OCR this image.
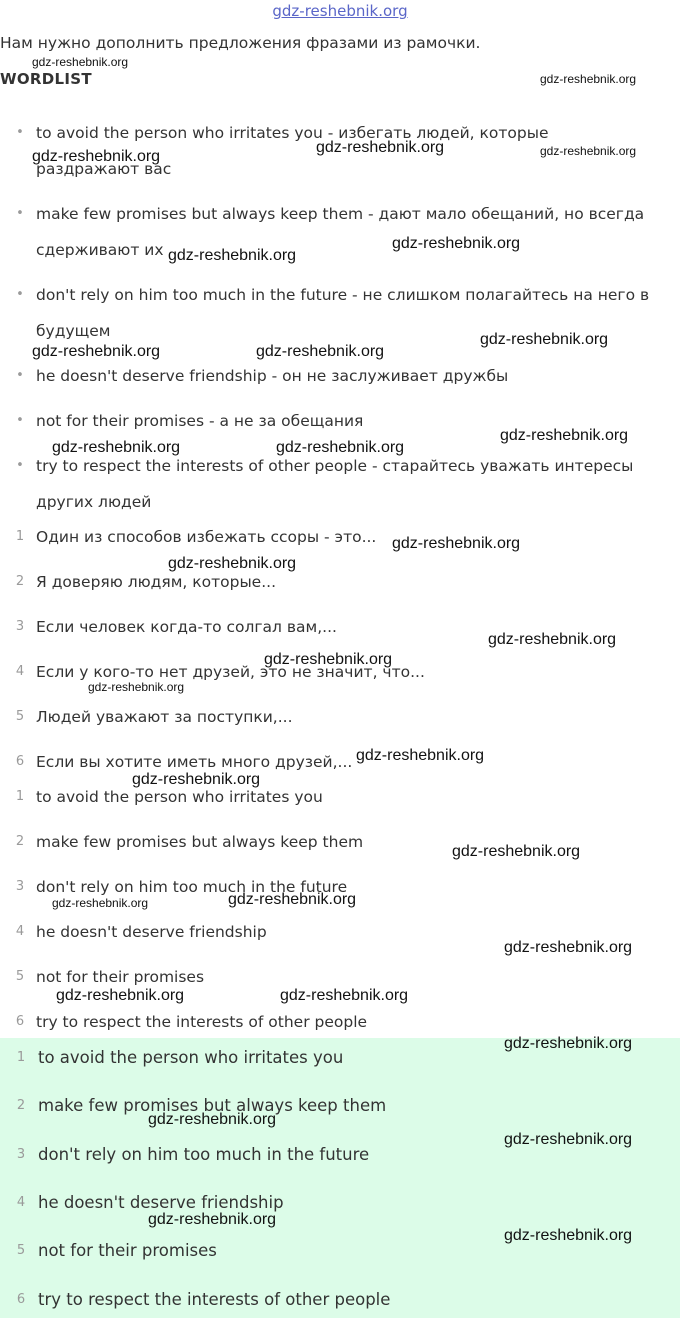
gdz-reshebnik.org
Нам нужно дополнить предложения фразами из рамочки.
WORDLIST
• to avoid the person who irritates you - избегать людей, которые
раздражают вас
• make few promises but always keep them - дают мало обещаний, но всегда
сдерживают их
• don't rely on him too much in the future - не слишком полагайтесь на него в
будущем
• he doesn't deserve friendship - он не заслуживает дружбы
• not for their promises - а не за обещания
• try to respect the interests of other people - старайтесь уважать интересы
других людей
1 Один из способов избежать ссоры - это...
2 Я доверяю людям, которые...
3 Если человек когда-то солгал вам,...
4 Если у кого-то нет друзей, это не значит, что...
5 Людей уважают за поступки,...
6 Если вы хотите иметь много друзей,...
1 to avoid the person who irritates you
2 make few promises but always keep them
3 don't rely on him too much in the future
4 he doesn't deserve friendship
5 not for their promises
6 try to respect the interests of other people
1 to avoid the person who irritates you
2 make few promises but always keep them
3 don't rely on him too much in the future
4 he doesn't deserve friendship
5 not for their promises
6 try to respect the interests of other people
gdz-reshebnik.org
gdz-reshebnik.org
gdz-reshebnik.org
gdz-reshebnik.org	gdz-reshebnik.org
gdz-reshebnik.org
gdz-reshebnik.org
gdz-reshebnik.org	gdz-reshebnik.org
gdz-reshebnik.org
gdz-reshebnik.org	gdz-reshebnik.org
gdz-reshebnik.org
gdz-reshebnik.org
gdz-reshebnik.org
gdz-reshebnik.org
gdz-reshebnik.org
gdz-reshebnik.org
gdz-reshebnik.org
gdz-reshebnik.org
gdz-reshebnik.org
gdz-reshebnik.org	gdz-reshebnik.org
gdz-reshebnik.org
gdz-reshebnik.org	gdz-reshebnik.org
gdz-reshebnik.org
gdz-reshebnik.org
gdz-reshebnik.org
gdz-reshebnik.org
gdz-reshebnik.org
